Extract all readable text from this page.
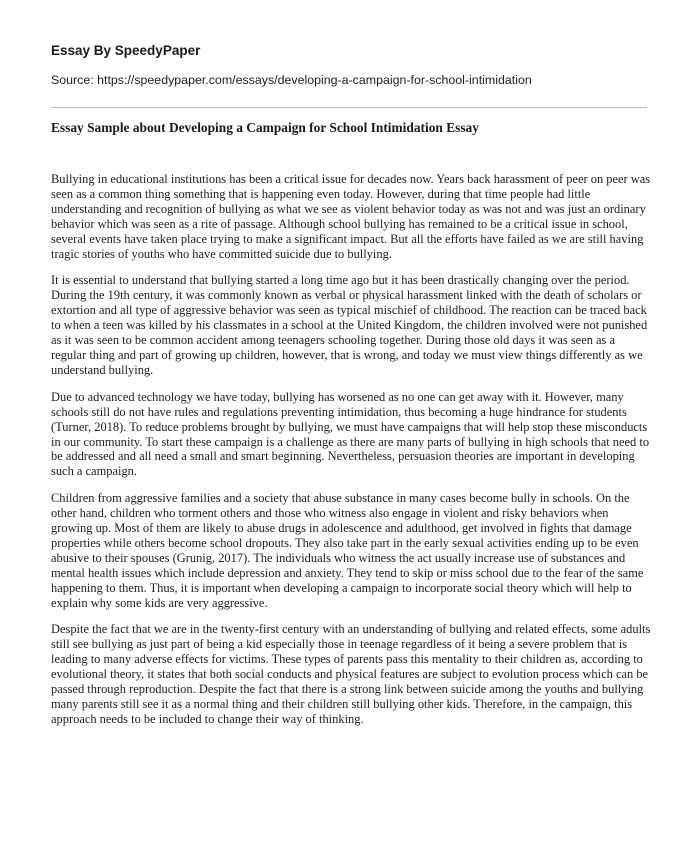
Essay By SpeedyPaper
Source: https://speedypaper.com/essays/developing-a-campaign-for-school-intimidation
Essay Sample about Developing a Campaign for School Intimidation Essay

Bullying in educational institutions has been a critical issue for decades now. Years back harassment of peer on peer was seen as a common thing something that is happening even today. However, during that time people had little understanding and recognition of bullying as what we see as violent behavior today as was not and was just an ordinary behavior which was seen as a rite of passage. Although school bullying has remained to be a critical issue in school, several events have taken place trying to make a significant impact. But all the efforts have failed as we are still having tragic stories of youths who have committed suicide due to bullying.

It is essential to understand that bullying started a long time ago but it has been drastically changing over the period. During the 19th century, it was commonly known as verbal or physical harassment linked with the death of scholars or extortion and all type of aggressive behavior was seen as typical mischief of childhood. The reaction can be traced back to when a teen was killed by his classmates in a school at the United Kingdom, the children involved were not punished as it was seen to be common accident among teenagers schooling together. During those old days it was seen as a regular thing and part of growing up children, however, that is wrong, and today we must view things differently as we understand bullying.

Due to advanced technology we have today, bullying has worsened as no one can get away with it. However, many schools still do not have rules and regulations preventing intimidation, thus becoming a huge hindrance for students (Turner, 2018). To reduce problems brought by bullying, we must have campaigns that will help stop these misconducts in our community. To start these campaign is a challenge as there are many parts of bullying in high schools that need to be addressed and all need a small and smart beginning. Nevertheless, persuasion theories are important in developing such a campaign.

Children from aggressive families and a society that abuse substance in many cases become bully in schools. On the other hand, children who torment others and those who witness also engage in violent and risky behaviors when growing up. Most of them are likely to abuse drugs in adolescence and adulthood, get involved in fights that damage properties while others become school dropouts. They also take part in the early sexual activities ending up to be even abusive to their spouses (Grunig, 2017). The individuals who witness the act usually increase use of substances and mental health issues which include depression and anxiety. They tend to skip or miss school due to the fear of the same happening to them. Thus, it is important when developing a campaign to incorporate social theory which will help to explain why some kids are very aggressive.

Despite the fact that we are in the twenty-first century with an understanding of bullying and related effects, some adults still see bullying as just part of being a kid especially those in teenage regardless of it being a severe problem that is leading to many adverse effects for victims. These types of parents pass this mentality to their children as, according to evolutional theory, it states that both social conducts and physical features are subject to evolution process which can be passed through reproduction. Despite the fact that there is a strong link between suicide among the youths and bullying many parents still see it as a normal thing and their children still bullying other kids. Therefore, in the campaign, this approach needs to be included to change their way of thinking.
